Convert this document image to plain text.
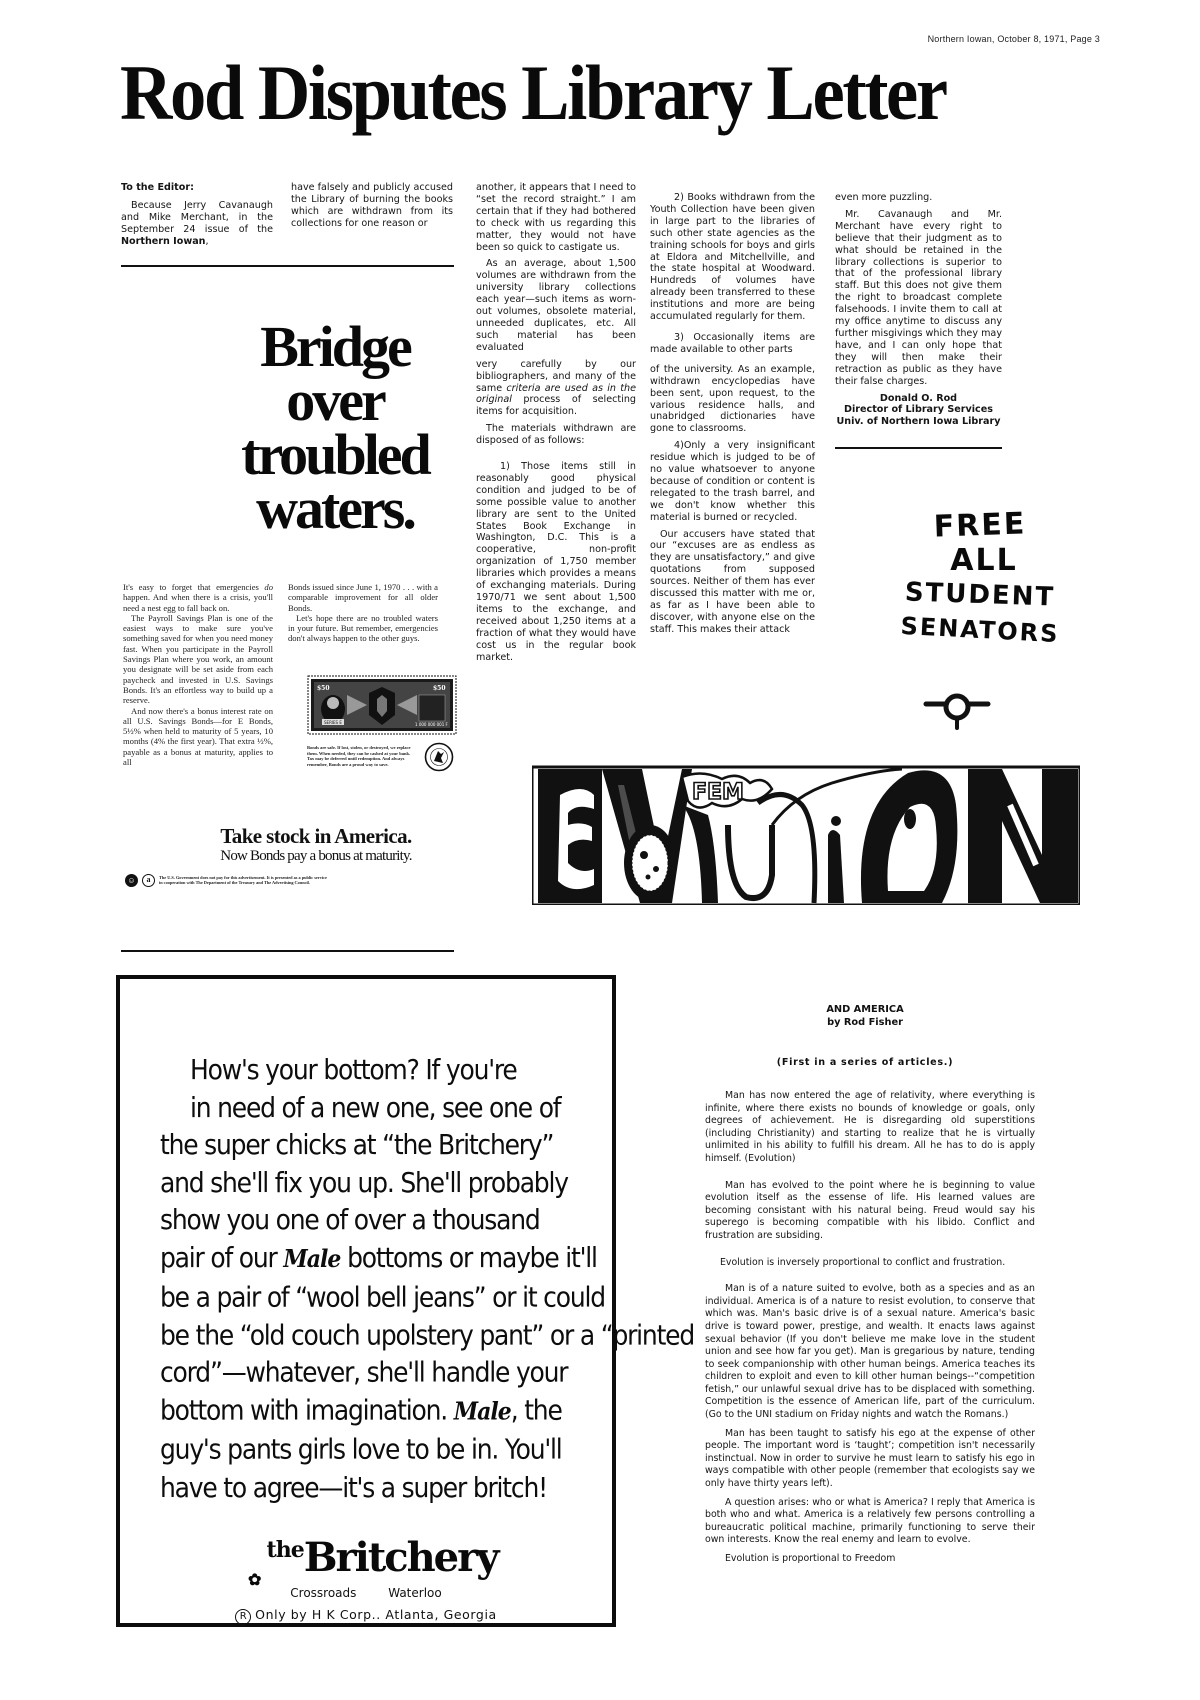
Northern Iowan, October 8, 1971, Page 3
Rod Disputes Library Letter

To the Editor:

Because Jerry Cavanaugh and Mike Merchant, in the September 24 issue of the Northern Iowan,

have falsely and publicly accused the Library of burning the books which are withdrawn from its collections for one reason or

another, it appears that I need to “set the record straight.” I am certain that if they had bothered to check with us regarding this matter, they would not have been so quick to castigate us.

As an average, about 1,500 volumes are withdrawn from the university library collections each year—such items as worn-out volumes, obsolete material, unneeded duplicates, etc. All such material has been evaluated

very carefully by our bibliographers, and many of the same criteria are used as in the original process of selecting items for acquisition.

The materials withdrawn are disposed of as follows:

1) Those items still in reasonably good physical condition and judged to be of some possible value to another library are sent to the United States Book Exchange in Washington, D.C. This is a cooperative, non-profit organization of 1,750 member libraries which provides a means of exchanging materials. During 1970/71 we sent about 1,500 items to the exchange, and received about 1,250 items at a fraction of what they would have cost us in the regular book market.

2) Books withdrawn from the Youth Collection have been given in large part to the libraries of such other state agencies as the training schools for boys and girls at Eldora and Mitchellville, and the state hospital at Woodward. Hundreds of volumes have already been transferred to these institutions and more are being accumulated regularly for them.

3) Occasionally items are made available to other parts

of the university. As an example, withdrawn encyclopedias have been sent, upon request, to the various residence halls, and unabridged dictionaries have gone to classrooms.

4)Only a very insignificant residue which is judged to be of no value whatsoever to anyone because of condition or content is relegated to the trash barrel, and we don't know whether this material is burned or recycled.

Our accusers have stated that our “excuses are as endless as they are unsatisfactory,” and give quotations from supposed sources. Neither of them has ever discussed this matter with me or, as far as I have been able to discover, with anyone else on the staff. This makes their attack

even more puzzling.

Mr. Cavanaugh and Mr. Merchant have every right to believe that their judgment as to what should be retained in the library collections is superior to that of the professional library staff. But this does not give them the right to broadcast complete falsehoods. I invite them to call at my office anytime to discuss any further misgivings which they may have, and I can only hope that they will then make their retraction as public as they have their false charges.

Donald O. Rod

Director of Library Services

Univ. of Northern Iowa Library

Bridge
over troubled
waters.

It's easy to forget that emergencies do happen. And when there is a crisis, you'll need a nest egg to fall back on.

The Payroll Savings Plan is one of the easiest ways to make sure you've something saved for when you need money fast. When you participate in the Payroll Savings Plan where you work, an amount you designate will be set aside from each paycheck and invested in U.S. Savings Bonds. It's an effortless way to build up a reserve.

And now there's a bonus interest rate on all U.S. Savings Bonds—for E Bonds, 5½% when held to maturity of 5 years, 10 months (4% the first year). That extra ½%, payable as a bonus at maturity, applies to all

Bonds issued since June 1, 1970 . . . with a comparable improvement for all older Bonds.

Let's hope there are no troubled waters in your future. But remember, emergencies don't always happen to the other guys.

$50	$50
SERIES E	1 000 000 001 F
Bonds are safe. If lost, stolen, or destroyed, we replace them. When needed, they can be cashed at your bank. Tax may be deferred until redemption. And always remember, Bonds are a proud way to save.
Take stock in America.
Now Bonds pay a bonus at maturity.
☺	a	The U.S. Government does not pay for this advertisement. It is presented as a public service in cooperation with The Department of the Treasury and The Advertising Council.
FREE
ALL
STUDENT
SENATORS
FEM
How's your bottom? If you're
in need of a new one, see one of
the super chicks at “the Britchery”
and she'll fix you up. She'll probably
show you one of over a thousand
pair of our Male bottoms or maybe it'll
be a pair of “wool bell jeans” or it could
be the “old couch upolstery pant” or a “printed
cord”—whatever, she'll handle your
bottom with imagination. Male, the
guy's pants girls love to be in. You'll
have to agree—it's a super britch!
$^{the}$Britchery
✿
Crossroads	Waterloo
R Only by H K Corp.. Atlanta, Georgia
AND AMERICA
by Rod Fisher
(First in a series of articles.)

Man has now entered the age of relativity, where everything is infinite, where there exists no bounds of knowledge or goals, only degrees of achievement. He is disregarding old superstitions (including Christianity) and starting to realize that he is virtually unlimited in his ability to fulfill his dream. All he has to do is apply himself. (Evolution)

Man has evolved to the point where he is beginning to value evolution itself as the essense of life. His learned values are becoming consistant with his natural being. Freud would say his superego is becoming compatible with his libido. Conflict and frustration are subsiding.

Evolution is inversely proportional to conflict and frustration.

Man is of a nature suited to evolve, both as a species and as an individual. America is of a nature to resist evolution, to conserve that which was. Man's basic drive is of a sexual nature. America's basic drive is toward power, prestige, and wealth. It enacts laws against sexual behavior (If you don't believe me make love in the student union and see how far you get). Man is gregarious by nature, tending to seek companionship with other human beings. America teaches its children to exploit and even to kill other human beings--“competition fetish,” our unlawful sexual drive has to be displaced with something. Competition is the essence of American life, part of the curriculum. (Go to the UNI stadium on Friday nights and watch the Romans.)

Man has been taught to satisfy his ego at the expense of other people. The important word is ‘taught’; competition isn't necessarily instinctual. Now in order to survive he must learn to satisfy his ego in ways compatible with other people (remember that ecologists say we only have thirty years left).

A question arises: who or what is America? I reply that America is both who and what. America is a relatively few persons controlling a bureaucratic political machine, primarily functioning to serve their own interests. Know the real enemy and learn to evolve.

Evolution is proportional to Freedom
